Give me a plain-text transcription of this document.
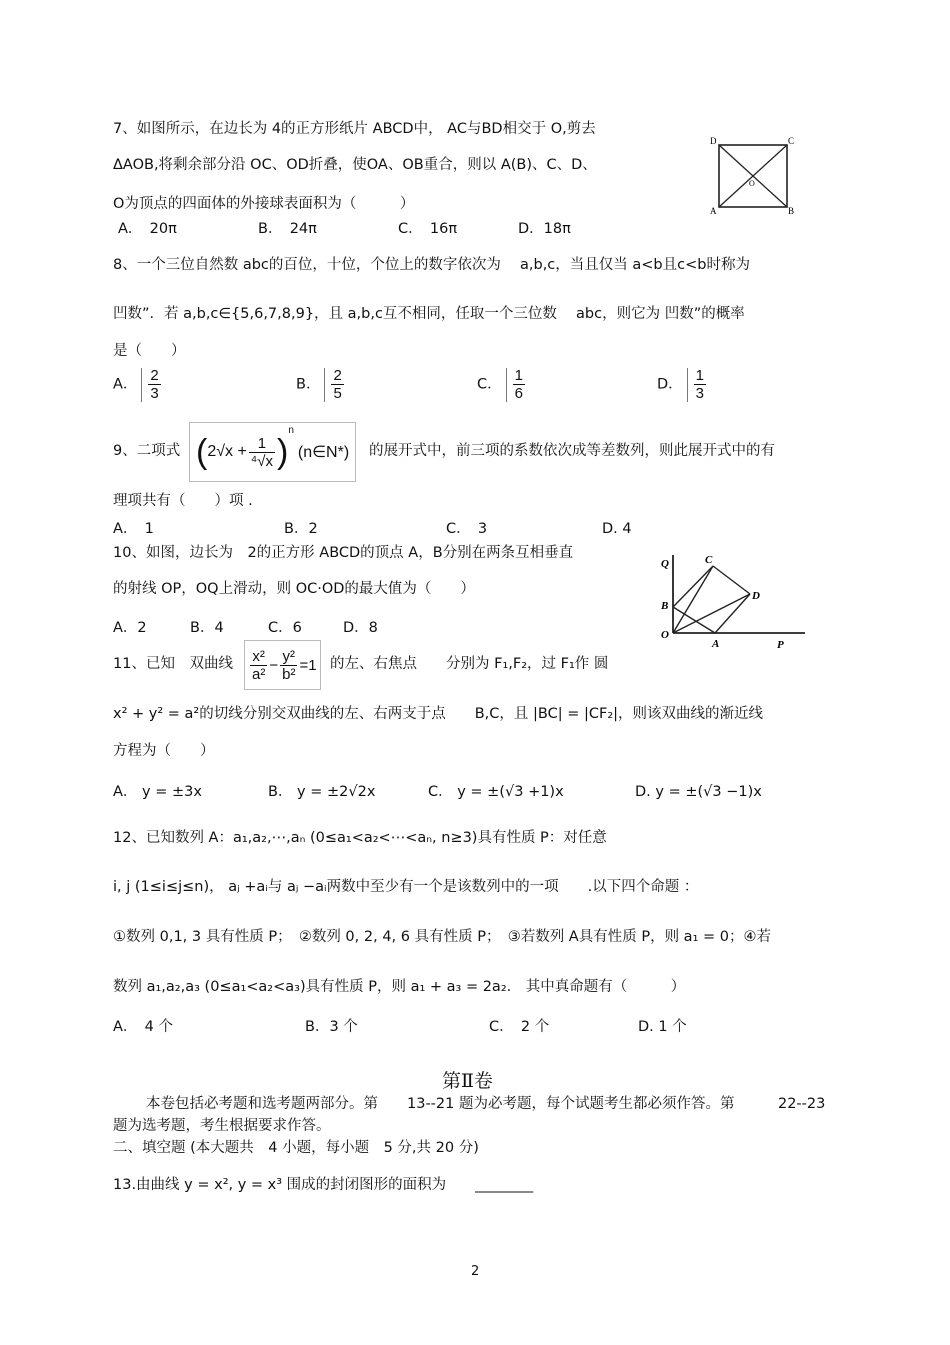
7、如图所示，在边长为 4的正方形纸片 ABCD中， AC与BD相交于 O,剪去
ΔAOB,将剩余部分沿 OC、OD折叠，使OA、OB重合，则以 A(B)、C、D、
O为顶点的四面体的外接球表面积为（　　　）
A．　20π	B．　24π	C．　16π	D．18π
D	C
O
A	B
8、一个三位自然数 abc的百位，十位，个位上的数字依次为　 a,b,c，当且仅当 a<b且c<b时称为
凹数”．若 a,b,c∈{5,6,7,8,9}，且 a,b,c互不相同，任取一个三位数　 abc，则它为 凹数”的概率
是（　　）
A． $\frac{2}{3}$	B． $\frac{2}{5}$	C． $\frac{1}{6}$	D． $\frac{1}{3}$
9、二项式 ( $2√x + \frac{1}{\text{⁴√x}}$ )
n
(n∈N*) 的展开式中，前三项的系数依次成等差数列，则此展开式中的有
理项共有（　　）项 .
A．　1	B．2	C．　3	D. 4
10、如图，边长为　2的正方形 ABCD的顶点 A，B分别在两条互相垂直
的射线 OP，OQ上滑动，则 OC·OD的最大值为（　　）
A．2	B．4	C．6	D．8
Q	C
B
D
O
A	P
11、已知　双曲线 $\frac{\text{x²}}{\text{a²}} - \frac{\text{y²}}{\text{b²}} =1$ 的左、右焦点　　分别为 F₁,F₂，过 F₁作 圆
x² + y² = a²的切线分别交双曲线的左、右两支于点　　B,C，且 |BC| = |CF₂|，则该双曲线的渐近线
方程为（　　）
A． y = ±3x	B． y = ±2√2x	C． y = ±(√3 +1)x	D. y = ±(√3 −1)x
12、已知数列 A：a₁,a₂,⋯,aₙ (0≤a₁<a₂<⋯<aₙ, n≥3)具有性质 P：对任意
i, j (1≤i≤j≤n)， aⱼ +aᵢ与 aⱼ −aᵢ两数中至少有一个是该数列中的一项　　.以下四个命题 ：
①数列 0,1, 3 具有性质 P；　②数列 0, 2, 4, 6 具有性质 P；　③若数列 A具有性质 P，则 a₁ = 0；④若
数列 a₁,a₂,a₃ (0≤a₁<a₂<a₃)具有性质 P，则 a₁ + a₃ = 2a₂． 其中真命题有（　　　）
A．　4 个	B．3 个	C．　2 个	D. 1 个
第Ⅱ卷
本卷包括必考题和选考题两部分。第　　13--21 题为必考题，每个试题考生都必须作答。第　　　22--23
题为选考题，考生根据要求作答。
二、填空题 (本大题共　4 小题，每小题　5 分,共 20 分)
13.由曲线 y = x², y = x³ 围成的封闭图形的面积为　　________
2
